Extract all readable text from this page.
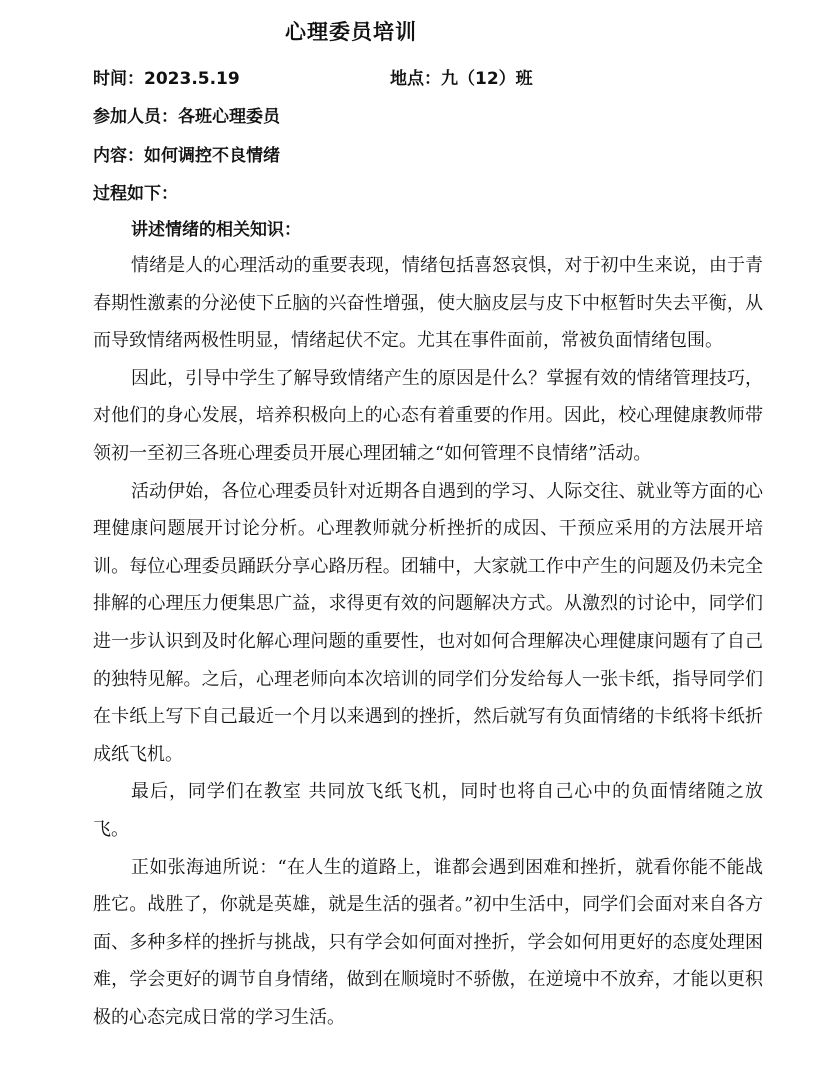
心理委员培训
时间：2023.5.19	地点：九（12）班
参加人员：各班心理委员
内容：如何调控不良情绪
过程如下：
讲述情绪的相关知识：

情绪是人的心理活动的重要表现，情绪包括喜怒哀惧，对于初中生来说，由于青春期性激素的分泌使下丘脑的兴奋性增强，使大脑皮层与皮下中枢暂时失去平衡，从而导致情绪两极性明显，情绪起伏不定。尤其在事件面前，常被负面情绪包围。

因此，引导中学生了解导致情绪产生的原因是什么？掌握有效的情绪管理技巧，对他们的身心发展，培养积极向上的心态有着重要的作用。因此，校心理健康教师带领初一至初三各班心理委员开展心理团辅之“如何管理不良情绪”活动。

活动伊始，各位心理委员针对近期各自遇到的学习、人际交往、就业等方面的心理健康问题展开讨论分析。心理教师就分析挫折的成因、干预应采用的方法展开培训。每位心理委员踊跃分享心路历程。团辅中，大家就工作中产生的问题及仍未完全排解的心理压力便集思广益，求得更有效的问题解决方式。从激烈的讨论中，同学们进一步认识到及时化解心理问题的重要性，也对如何合理解决心理健康问题有了自己的独特见解。之后，心理老师向本次培训的同学们分发给每人一张卡纸，指导同学们在卡纸上写下自己最近一个月以来遇到的挫折，然后就写有负面情绪的卡纸将卡纸折成纸飞机。

最后，同学们在教室 共同放飞纸飞机，同时也将自己心中的负面情绪随之放飞。

正如张海迪所说：“在人生的道路上，谁都会遇到困难和挫折，就看你能不能战胜它。战胜了，你就是英雄，就是生活的强者。”初中生活中，同学们会面对来自各方面、多种多样的挫折与挑战，只有学会如何面对挫折，学会如何用更好的态度处理困难，学会更好的调节自身情绪，做到在顺境时不骄傲，在逆境中不放弃，才能以更积极的心态完成日常的学习生活。
